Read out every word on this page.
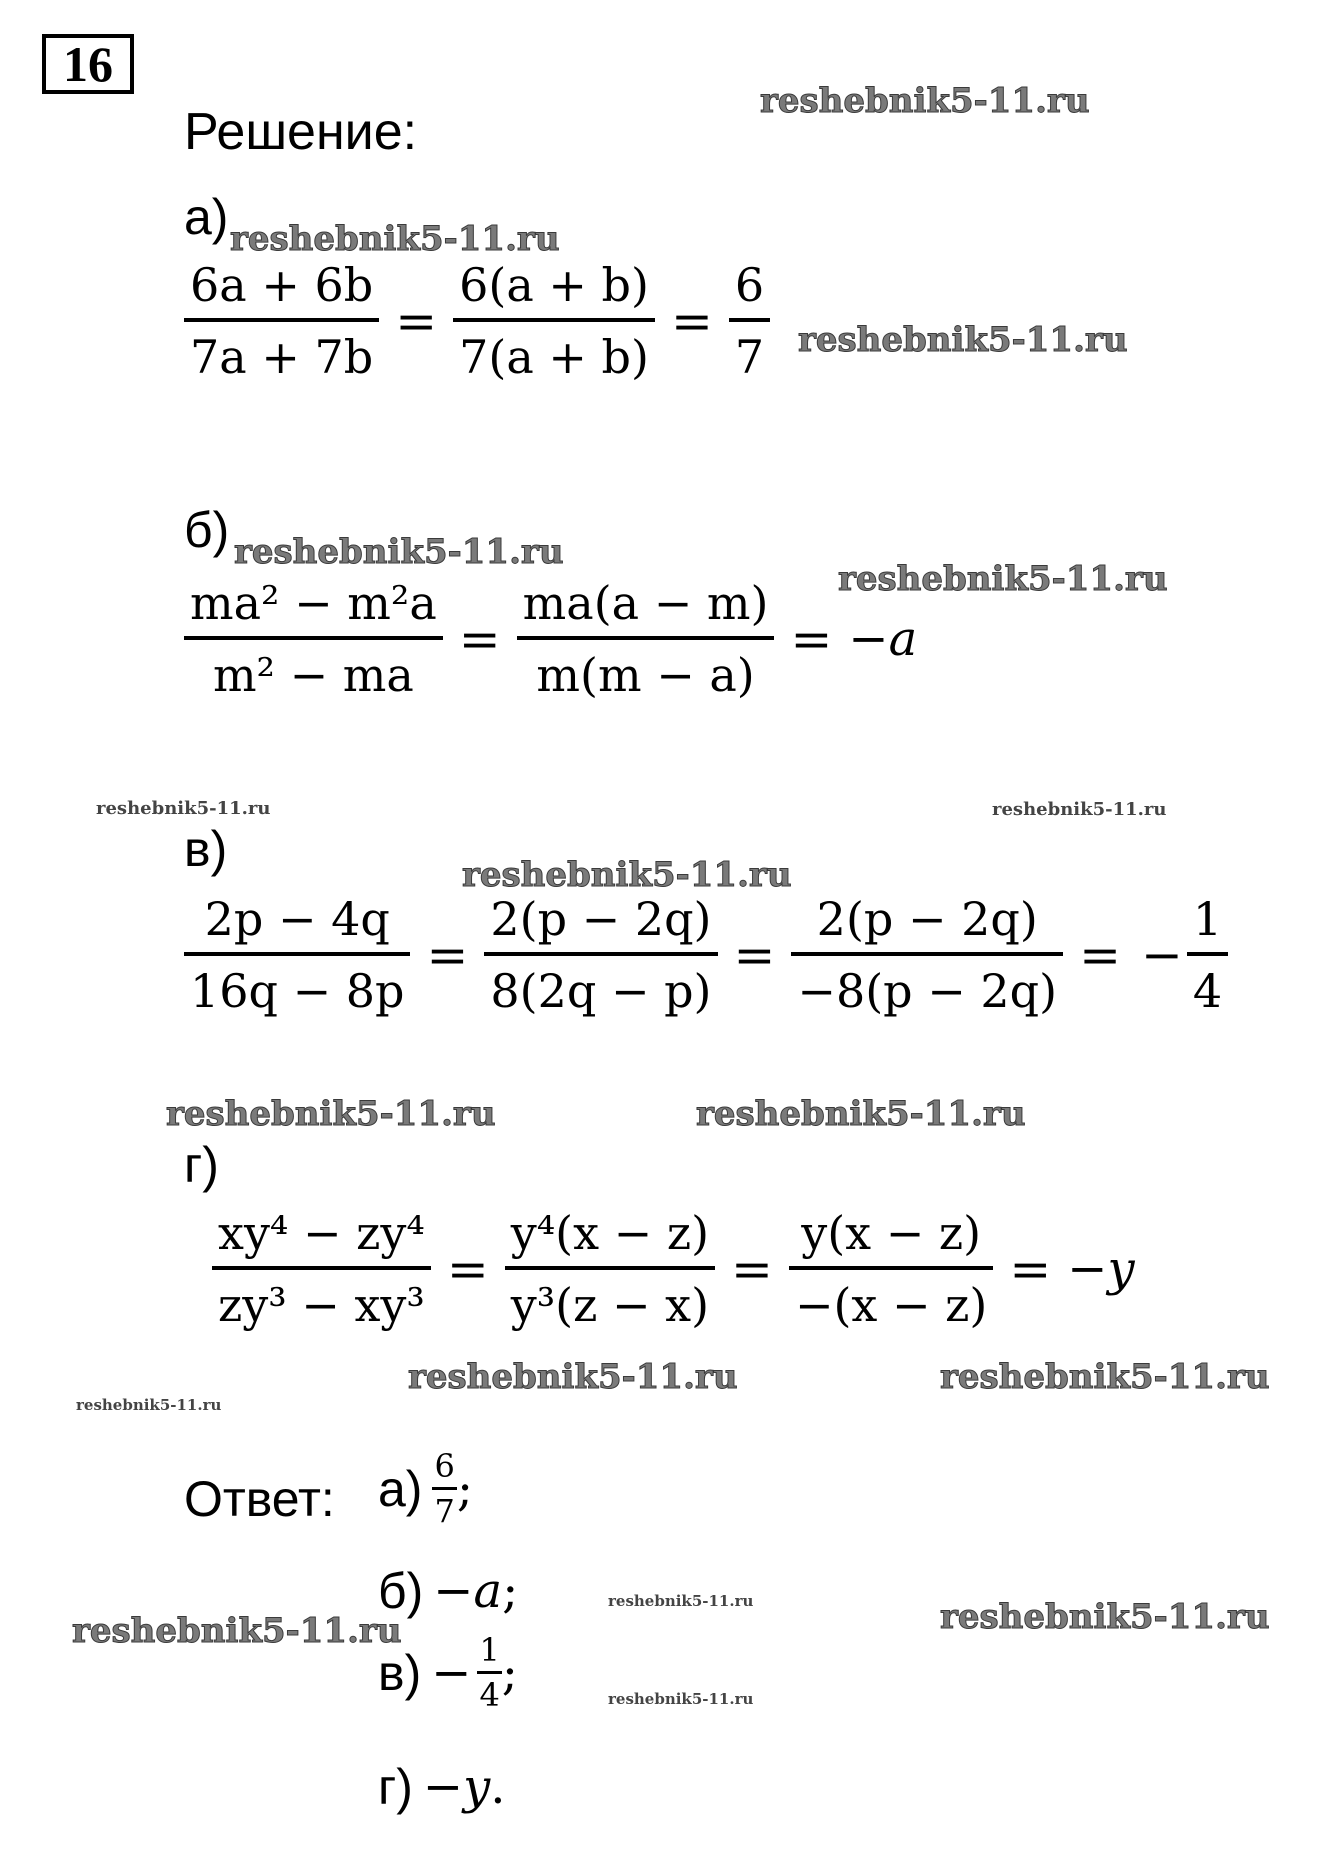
16
Решение:
reshebnik5-11.ru
reshebnik5-11.ru
reshebnik5-11.ru
reshebnik5-11.ru
reshebnik5-11.ru
reshebnik5-11.ru	reshebnik5-11.ru
reshebnik5-11.ru
reshebnik5-11.ru	reshebnik5-11.ru
reshebnik5-11.ru	reshebnik5-11.ru
reshebnik5-11.ru
reshebnik5-11.ru	reshebnik5-11.ru
reshebnik5-11.ru
reshebnik5-11.ru
а)
$\frac{6a + 6b}{7a + 7b} = \frac{6(a + b)}{7(a + b)} = \frac{6}{7}$
б)
$\frac{\text{ma² − m²a}}{\text{m² − ma}} = \frac{ma(a - m)}{m(m - a)} = -a$
в)
$\frac{2p - 4q}{16q - 8p} = \frac{2(p - 2q)}{8(2q - p)} = \frac{2(p - 2q)}{-8(p - 2q)}$ = − $\frac{1}{4}$
г)
$\frac{\text{xy⁴ − zy⁴}}{\text{zy³ − xy³}} = \frac{\text{y⁴(x − z)}}{\text{y³(z − x)}} = \frac{y(x - z)}{-(x - z)} = -y$
Ответ: $а) \frac{6}{7}$ ;
б) −a ;
$в) - \frac{1}{4}$ ;
г) −y .
